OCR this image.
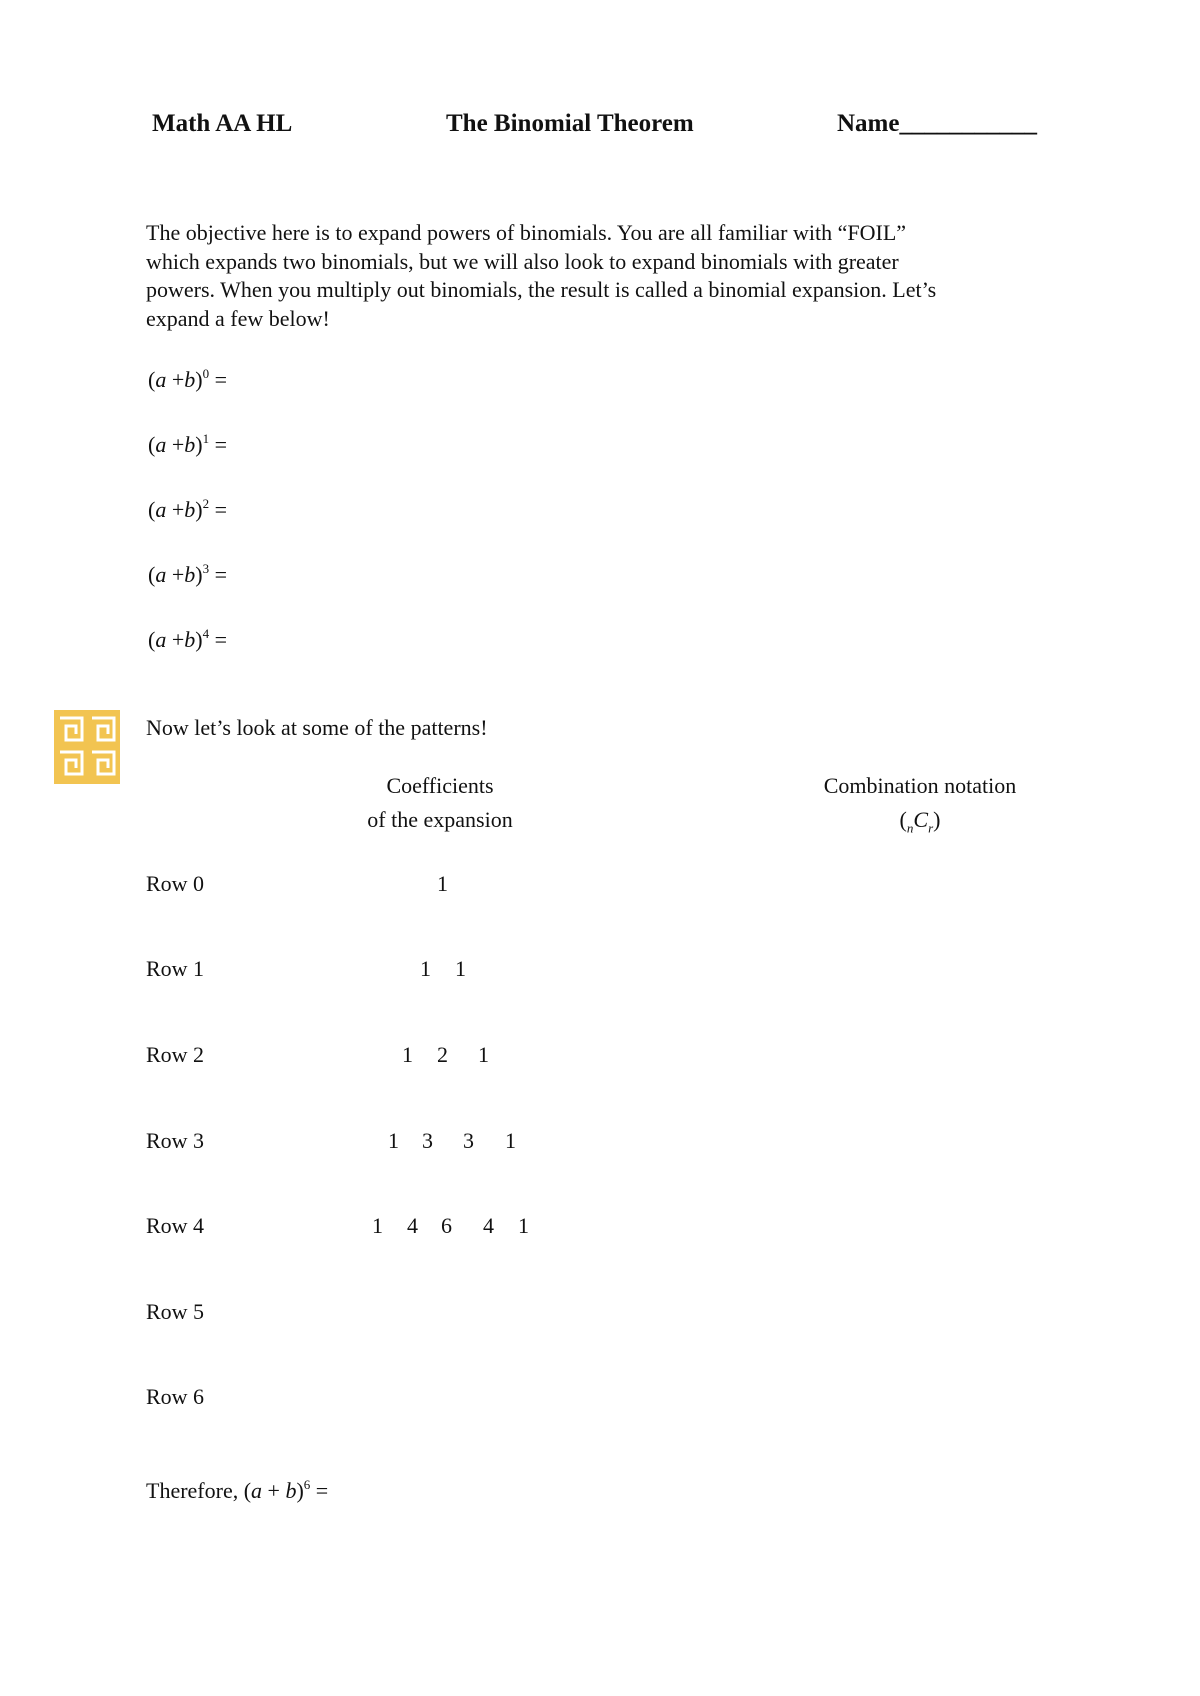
Math AA HL	The Binomial Theorem	Name___________
The objective here is to expand powers of binomials. You are all familiar with “FOIL”
which expands two binomials, but we will also look to expand binomials with greater
powers. When you multiply out binomials, the result is called a binomial expansion. Let’s
expand a few below!
$(a +b)^0$ =
$(a +b)^1$ =
$(a +b)^2$ =
$(a +b)^3$ =
$(a +b)^4$ =
Now let’s look at some of the patterns!
Coefficients
of the expansion
Combination notation
$(_nC_r)$
Row 0
Row 1
Row 2
Row 3
Row 4
Row 5
Row 6
1
1 1
1 2 1
1 3 3 1
1 4 6 4 1
Therefore, $(a + b)^6$ =
